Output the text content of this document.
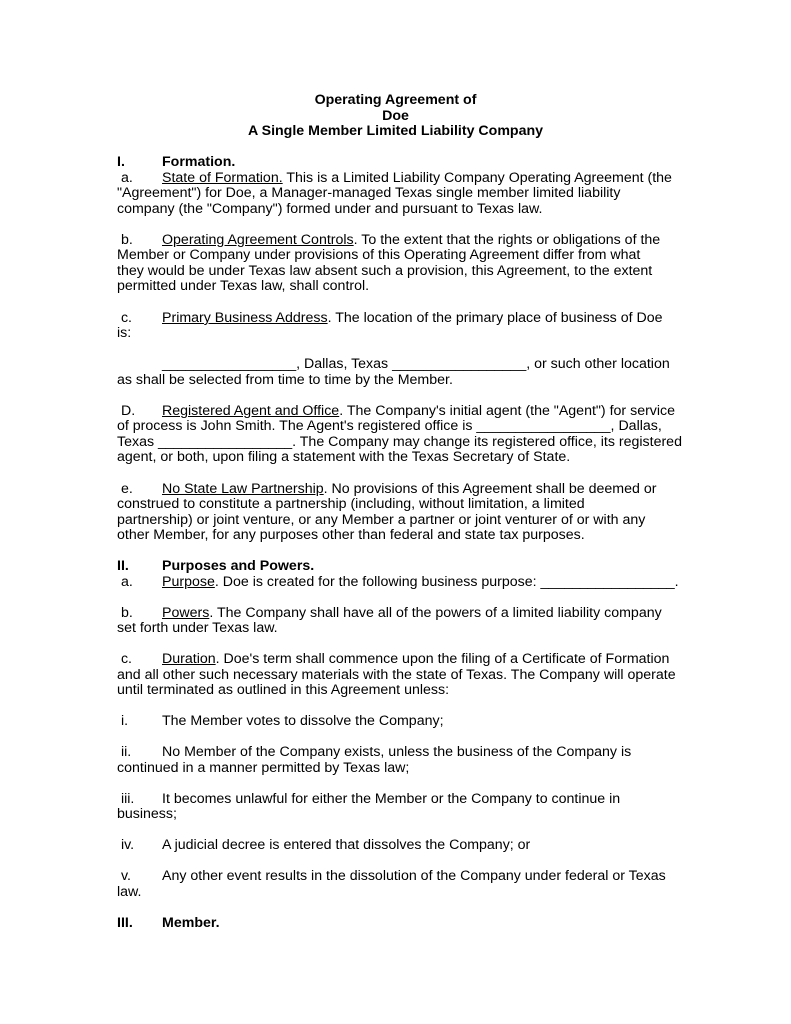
Operating Agreement of
Doe
A Single Member Limited Liability Company
I.	Formation.
a. State of Formation. This is a Limited Liability Company Operating Agreement (the
"Agreement") for Doe, a Manager-managed Texas single member limited liability
company (the "Company") formed under and pursuant to Texas law.
b. Operating Agreement Controls. To the extent that the rights or obligations of the
Member or Company under provisions of this Operating Agreement differ from what
they would be under Texas law absent such a provision, this Agreement, to the extent
permitted under Texas law, shall control.
c. Primary Business Address. The location of the primary place of business of Doe
is:
_________________, Dallas, Texas _________________, or such other location
as shall be selected from time to time by the Member.
D. Registered Agent and Office. The Company's initial agent (the "Agent") for service
of process is John Smith. The Agent's registered office is _________________, Dallas,
Texas _________________. The Company may change its registered office, its registered
agent, or both, upon filing a statement with the Texas Secretary of State.
e. No State Law Partnership. No provisions of this Agreement shall be deemed or
construed to constitute a partnership (including, without limitation, a limited
partnership) or joint venture, or any Member a partner or joint venturer of or with any
other Member, for any purposes other than federal and state tax purposes.
II. Purposes and Powers.
a. Purpose. Doe is created for the following business purpose: _________________.
b. Powers. The Company shall have all of the powers of a limited liability company
set forth under Texas law.
c. Duration. Doe's term shall commence upon the filing of a Certificate of Formation
and all other such necessary materials with the state of Texas. The Company will operate
until terminated as outlined in this Agreement unless:
i. The Member votes to dissolve the Company;
ii. No Member of the Company exists, unless the business of the Company is
continued in a manner permitted by Texas law;
iii. It becomes unlawful for either the Member or the Company to continue in
business;
iv. A judicial decree is entered that dissolves the Company; or
v. Any other event results in the dissolution of the Company under federal or Texas
law.
III. Member.
